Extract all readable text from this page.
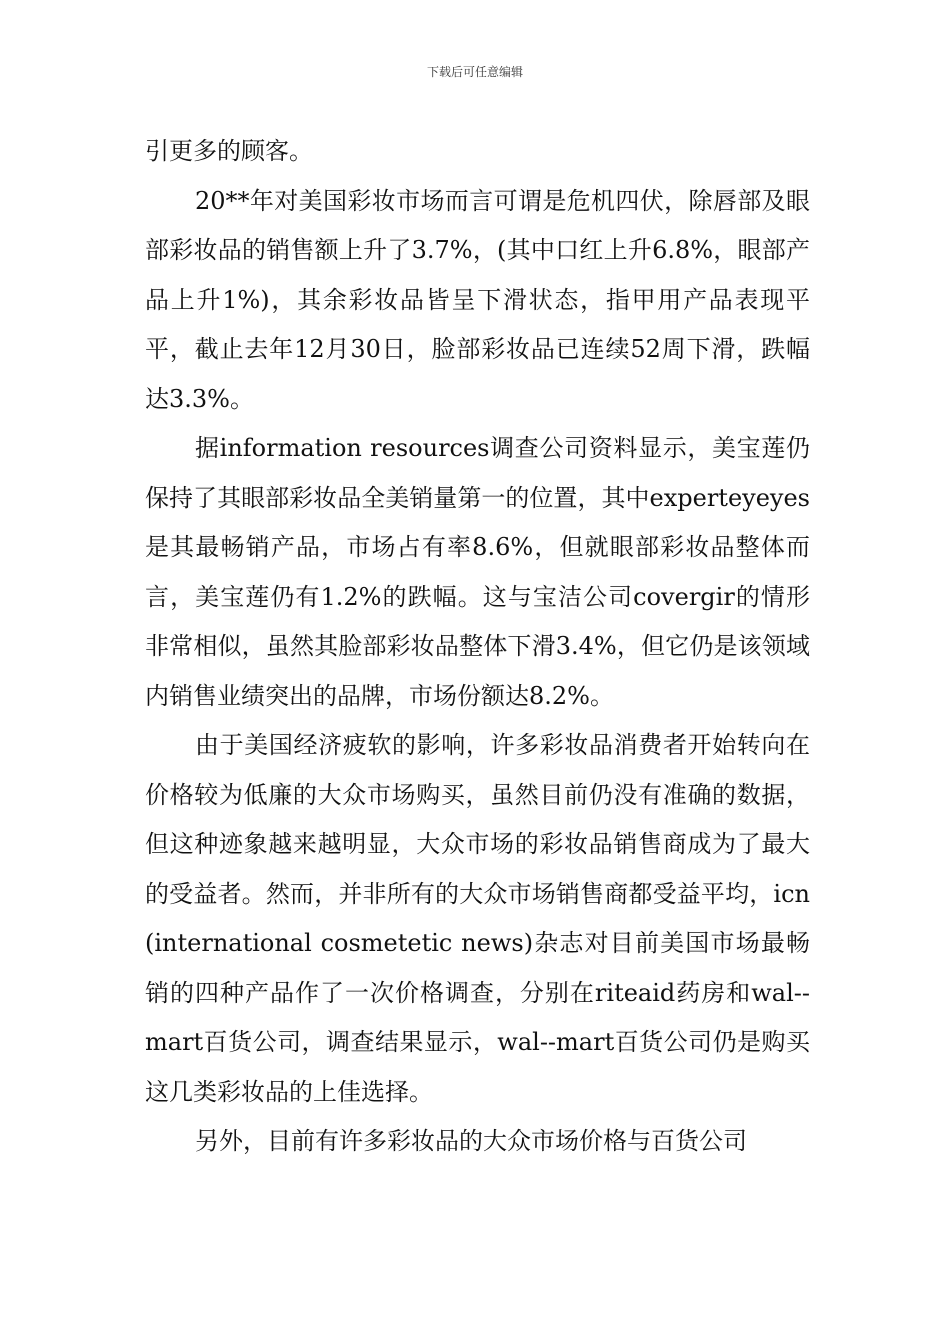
下载后可任意编辑

引更多的顾客。

20**年对美国彩妆市场而言可谓是危机四伏，除唇部及眼部彩妆品的销售额上升了3.7%，(其中口红上升6.8%，眼部产品上升1%)，其余彩妆品皆呈下滑状态，指甲用产品表现平平，截止去年12月30日，脸部彩妆品已连续52周下滑，跌幅达3.3%。

据information resources调查公司资料显示，美宝莲仍保持了其眼部彩妆品全美销量第一的位置，其中experteyeyes是其最畅销产品，市场占有率8.6%，但就眼部彩妆品整体而言，美宝莲仍有1.2%的跌幅。这与宝洁公司covergir的情形非常相似，虽然其脸部彩妆品整体下滑3.4%，但它仍是该领域内销售业绩突出的品牌，市场份额达8.2%。

由于美国经济疲软的影响，许多彩妆品消费者开始转向在价格较为低廉的大众市场购买，虽然目前仍没有准确的数据，但这种迹象越来越明显，大众市场的彩妆品销售商成为了最大的受益者。然而，并非所有的大众市场销售商都受益平均，icn(international cosmetetic news)杂志对目前美国市场最畅销的四种产品作了一次价格调查，分别在riteaid药房和wal--mart百货公司，调查结果显示，wal--mart百货公司仍是购买这几类彩妆品的上佳选择。

另外，目前有许多彩妆品的大众市场价格与百货公司
